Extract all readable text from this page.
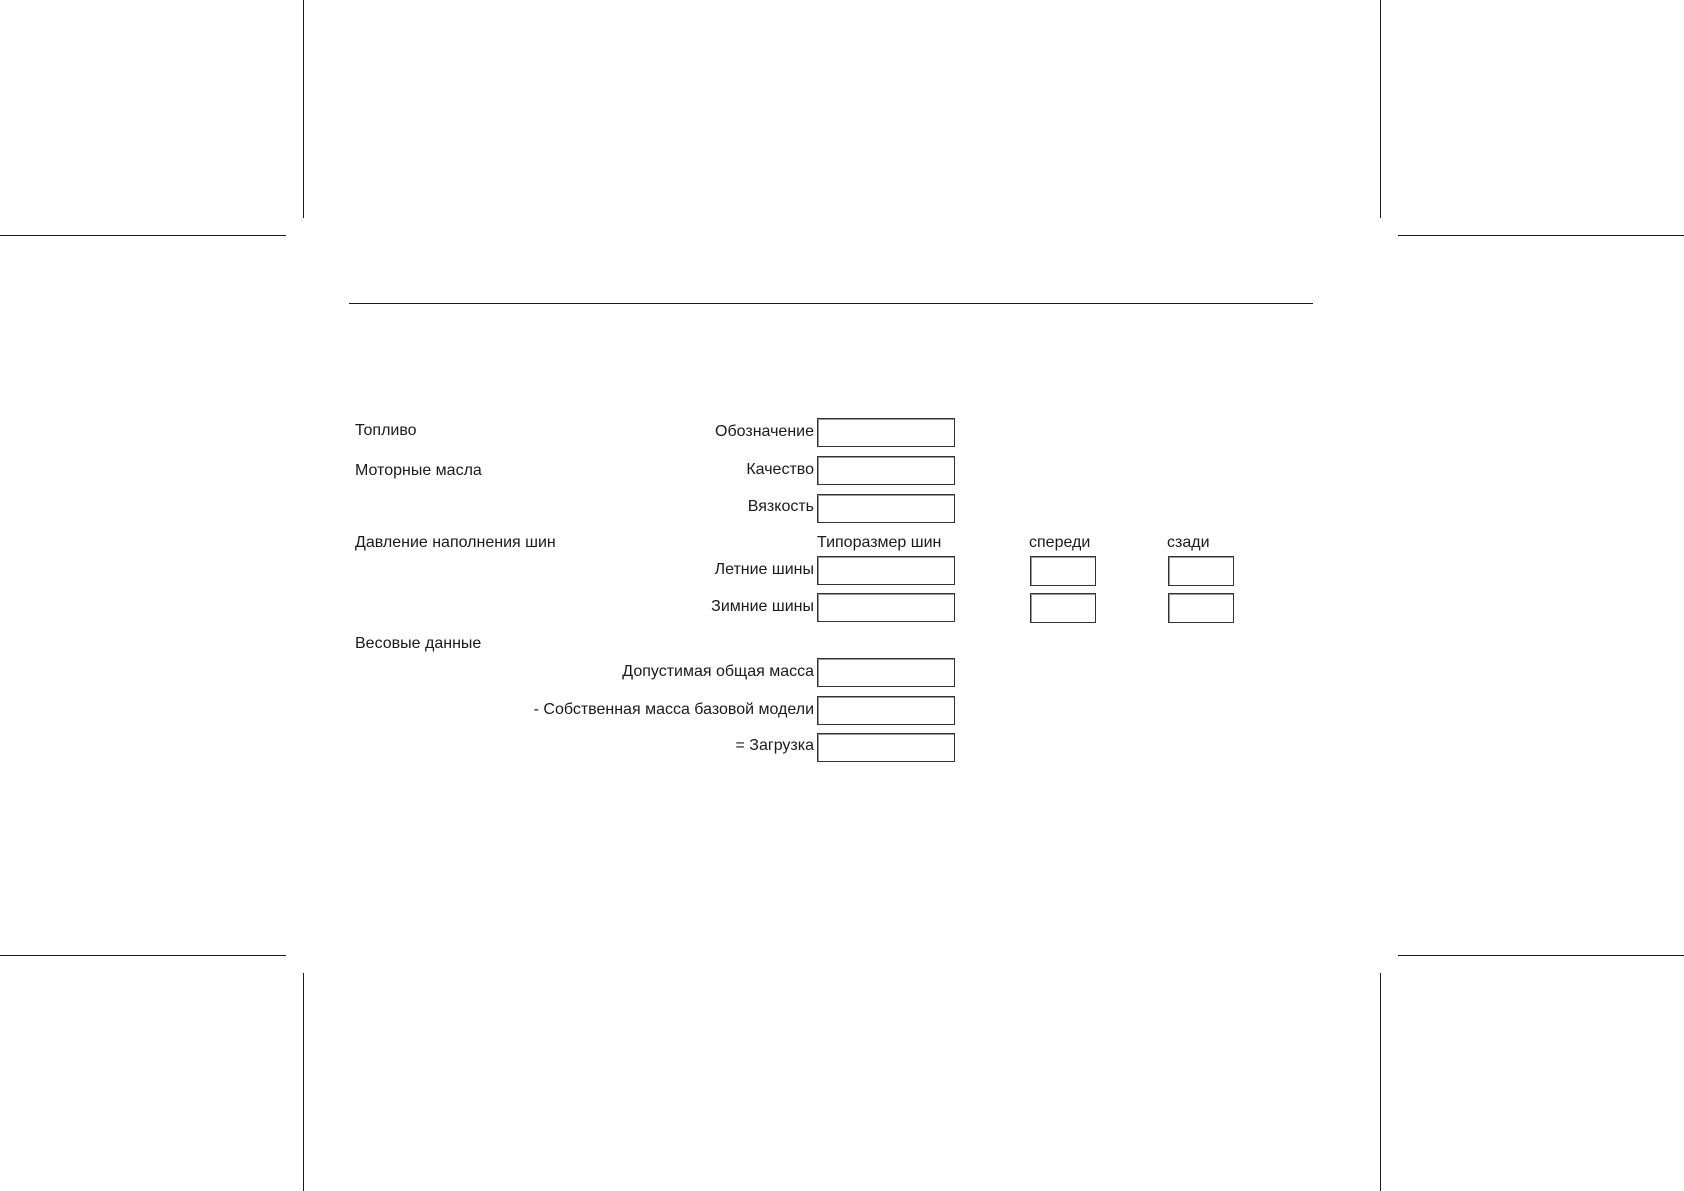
Топливо
Моторные масла
Давление наполнения шин
Весовые данные
Обозначение
Качество
Вязкость
Летние шины
Зимние шины
Допустимая общая масса
- Собственная масса базовой модели
= Загрузка
Типоразмер шин	спереди	сзади
